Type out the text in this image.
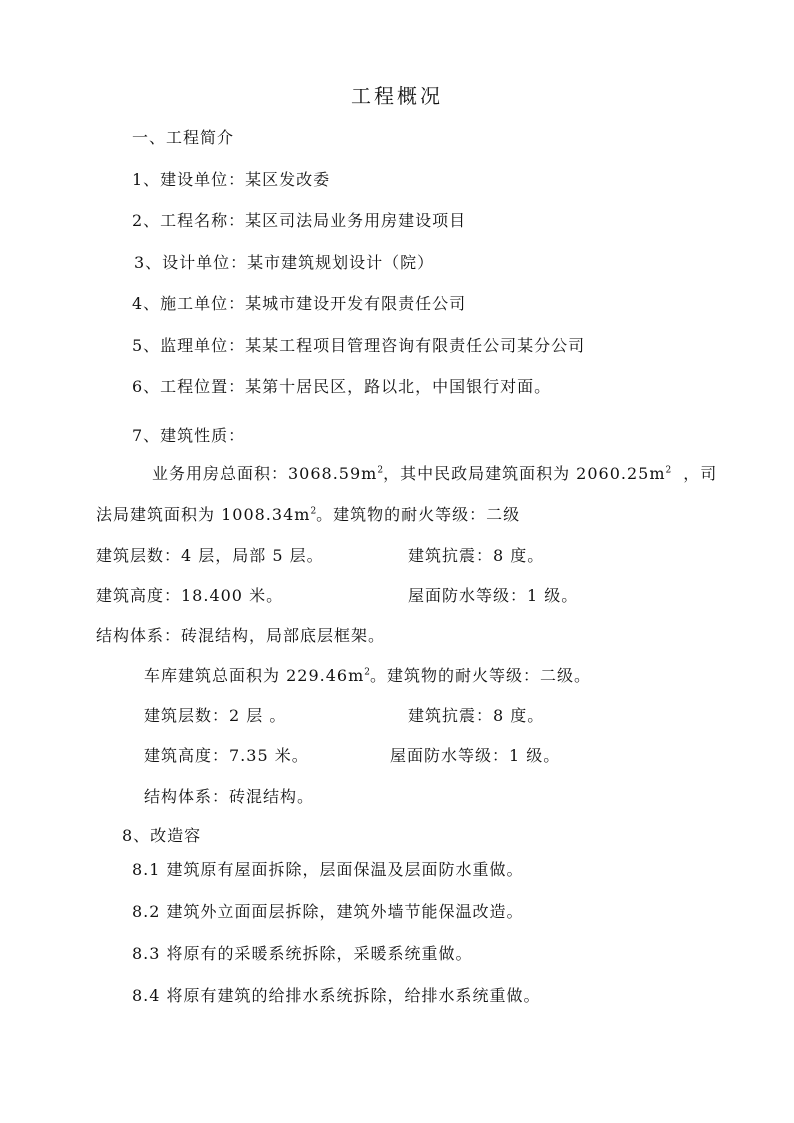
工程概况
一、工程简介
1、建设单位：某区发改委
2、工程名称：某区司法局业务用房建设项目
3、设计单位：某市建筑规划设计（院）
4、施工单位：某城市建设开发有限责任公司
5、监理单位：某某工程项目管理咨询有限责任公司某分公司
6、工程位置：某第十居民区，路以北，中国银行对面。
7、建筑性质：
业务用房总面积：$3068.59m^2$，其中民政局建筑面积为 $2060.25m^2$ ，司
法局建筑面积为 $1008.34m^2$。建筑物的耐火等级：二级
建筑层数：4 层，局部 5 层。	建筑抗震：8 度。
建筑高度：18.400 米。	屋面防水等级：1 级。
结构体系：砖混结构，局部底层框架。
车库建筑总面积为 $229.46m^2$。建筑物的耐火等级：二级。
建筑层数：2 层 。	建筑抗震：8 度。
建筑高度：7.35 米。	屋面防水等级：1 级。
结构体系：砖混结构。
8、改造容
8.1 建筑原有屋面拆除，层面保温及层面防水重做。
8.2 建筑外立面面层拆除，建筑外墙节能保温改造。
8.3 将原有的采暖系统拆除，采暖系统重做。
8.4 将原有建筑的给排水系统拆除，给排水系统重做。
